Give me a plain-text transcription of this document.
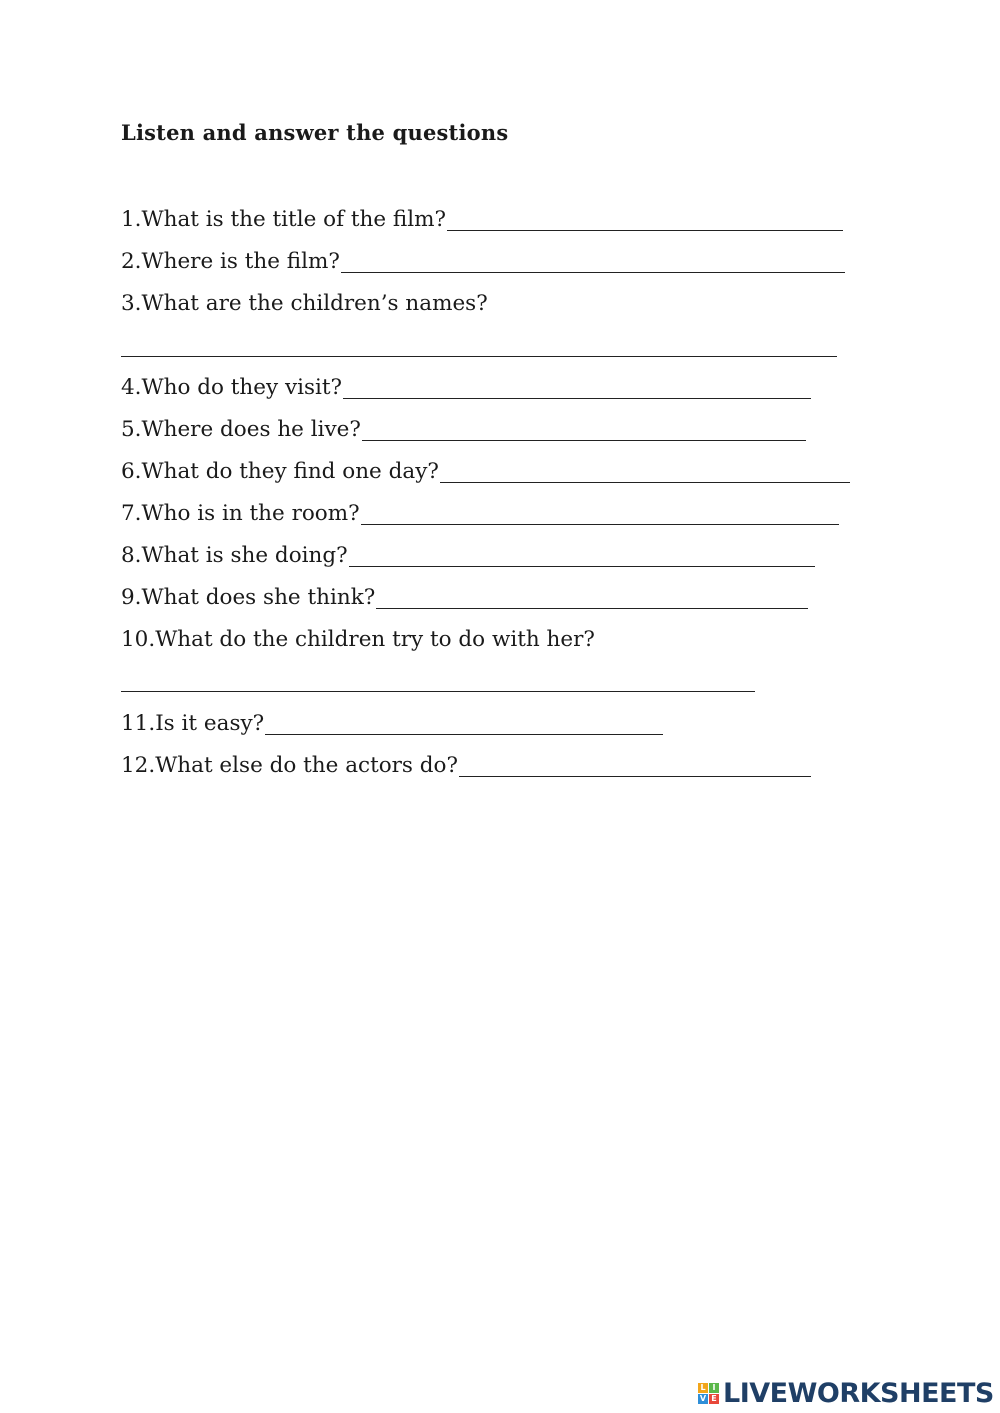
Listen and answer the questions
1.What is the title of the film?
2.Where is the film?
3.What are the children’s names?
4.Who do they visit?
5.Where does he live?
6.What do they find one day?
7.Who is in the room?
8.What is she doing?
9.What does she think?
10.What do the children try to do with her?
11.Is it easy?
12.What else do the actors do?
L I
V E LIVEWORKSHEETS
